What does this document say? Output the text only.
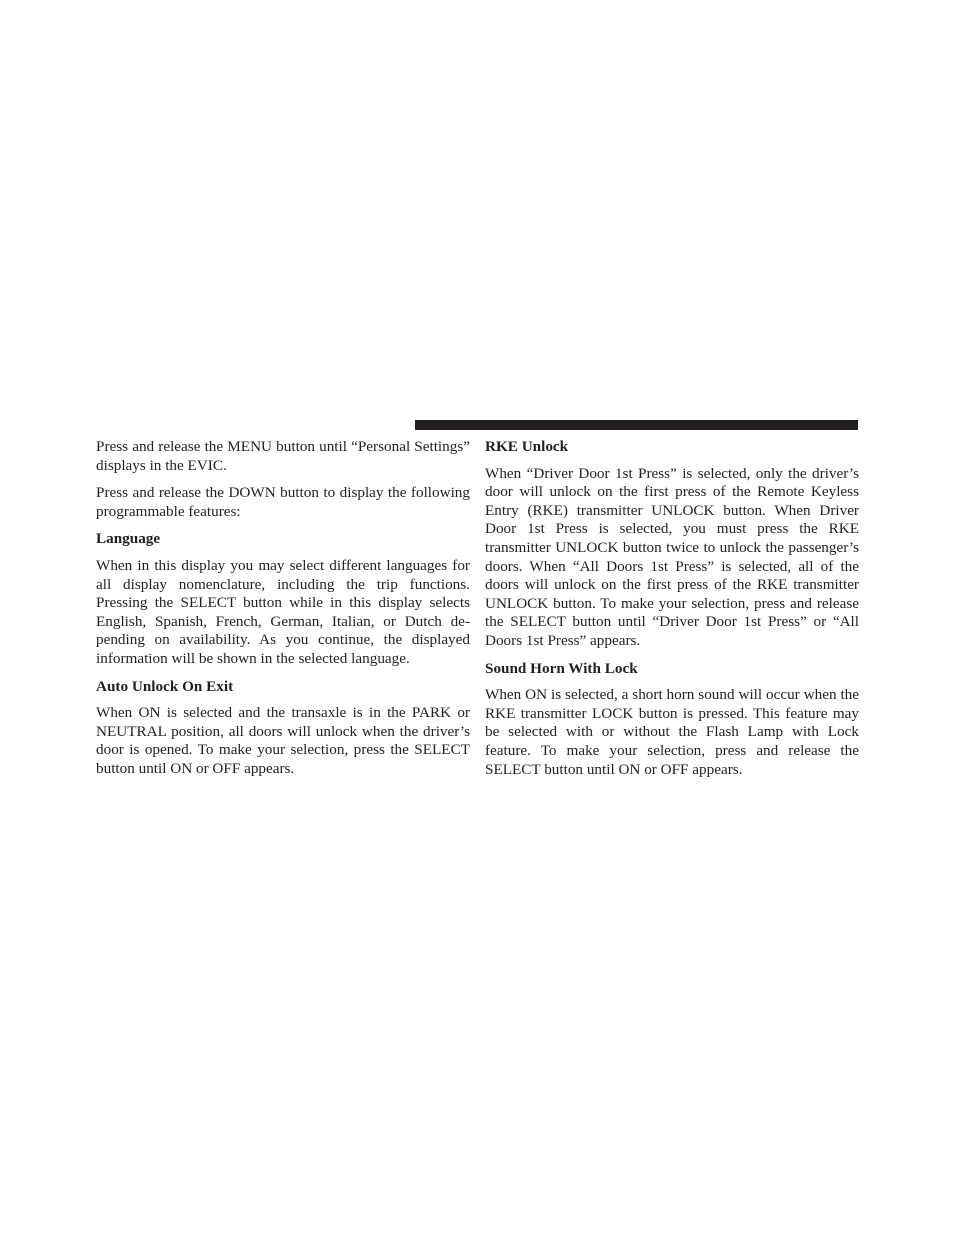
Press and release the MENU button until “Personal Settings” displays in the EVIC.

Press and release the DOWN button to display the following programmable features:

Language

When in this display you may select different languages for all display nomenclature, including the trip functions. Pressing the SELECT button while in this display selects English, Spanish, French, German, Italian, or Dutch depending on availability. As you continue, the displayed information will be shown in the selected language.

Auto Unlock On Exit

When ON is selected and the transaxle is in the PARK or NEUTRAL position, all doors will unlock when the driver’s door is opened. To make your selection, press the SELECT button until ON or OFF appears.

RKE Unlock

When “Driver Door 1st Press” is selected, only the driver’s door will unlock on the first press of the Remote Keyless Entry (RKE) transmitter UNLOCK button. When Driver Door 1st Press is selected, you must press the RKE transmitter UNLOCK button twice to unlock the passenger’s doors. When “All Doors 1st Press” is selected, all of the doors will unlock on the first press of the RKE transmitter UNLOCK button. To make your selection, press and release the SELECT button until “Driver Door 1st Press” or “All Doors 1st Press” appears.

Sound Horn With Lock

When ON is selected, a short horn sound will occur when the RKE transmitter LOCK button is pressed. This feature may be selected with or without the Flash Lamp with Lock feature. To make your selection, press and release the SELECT button until ON or OFF appears.
